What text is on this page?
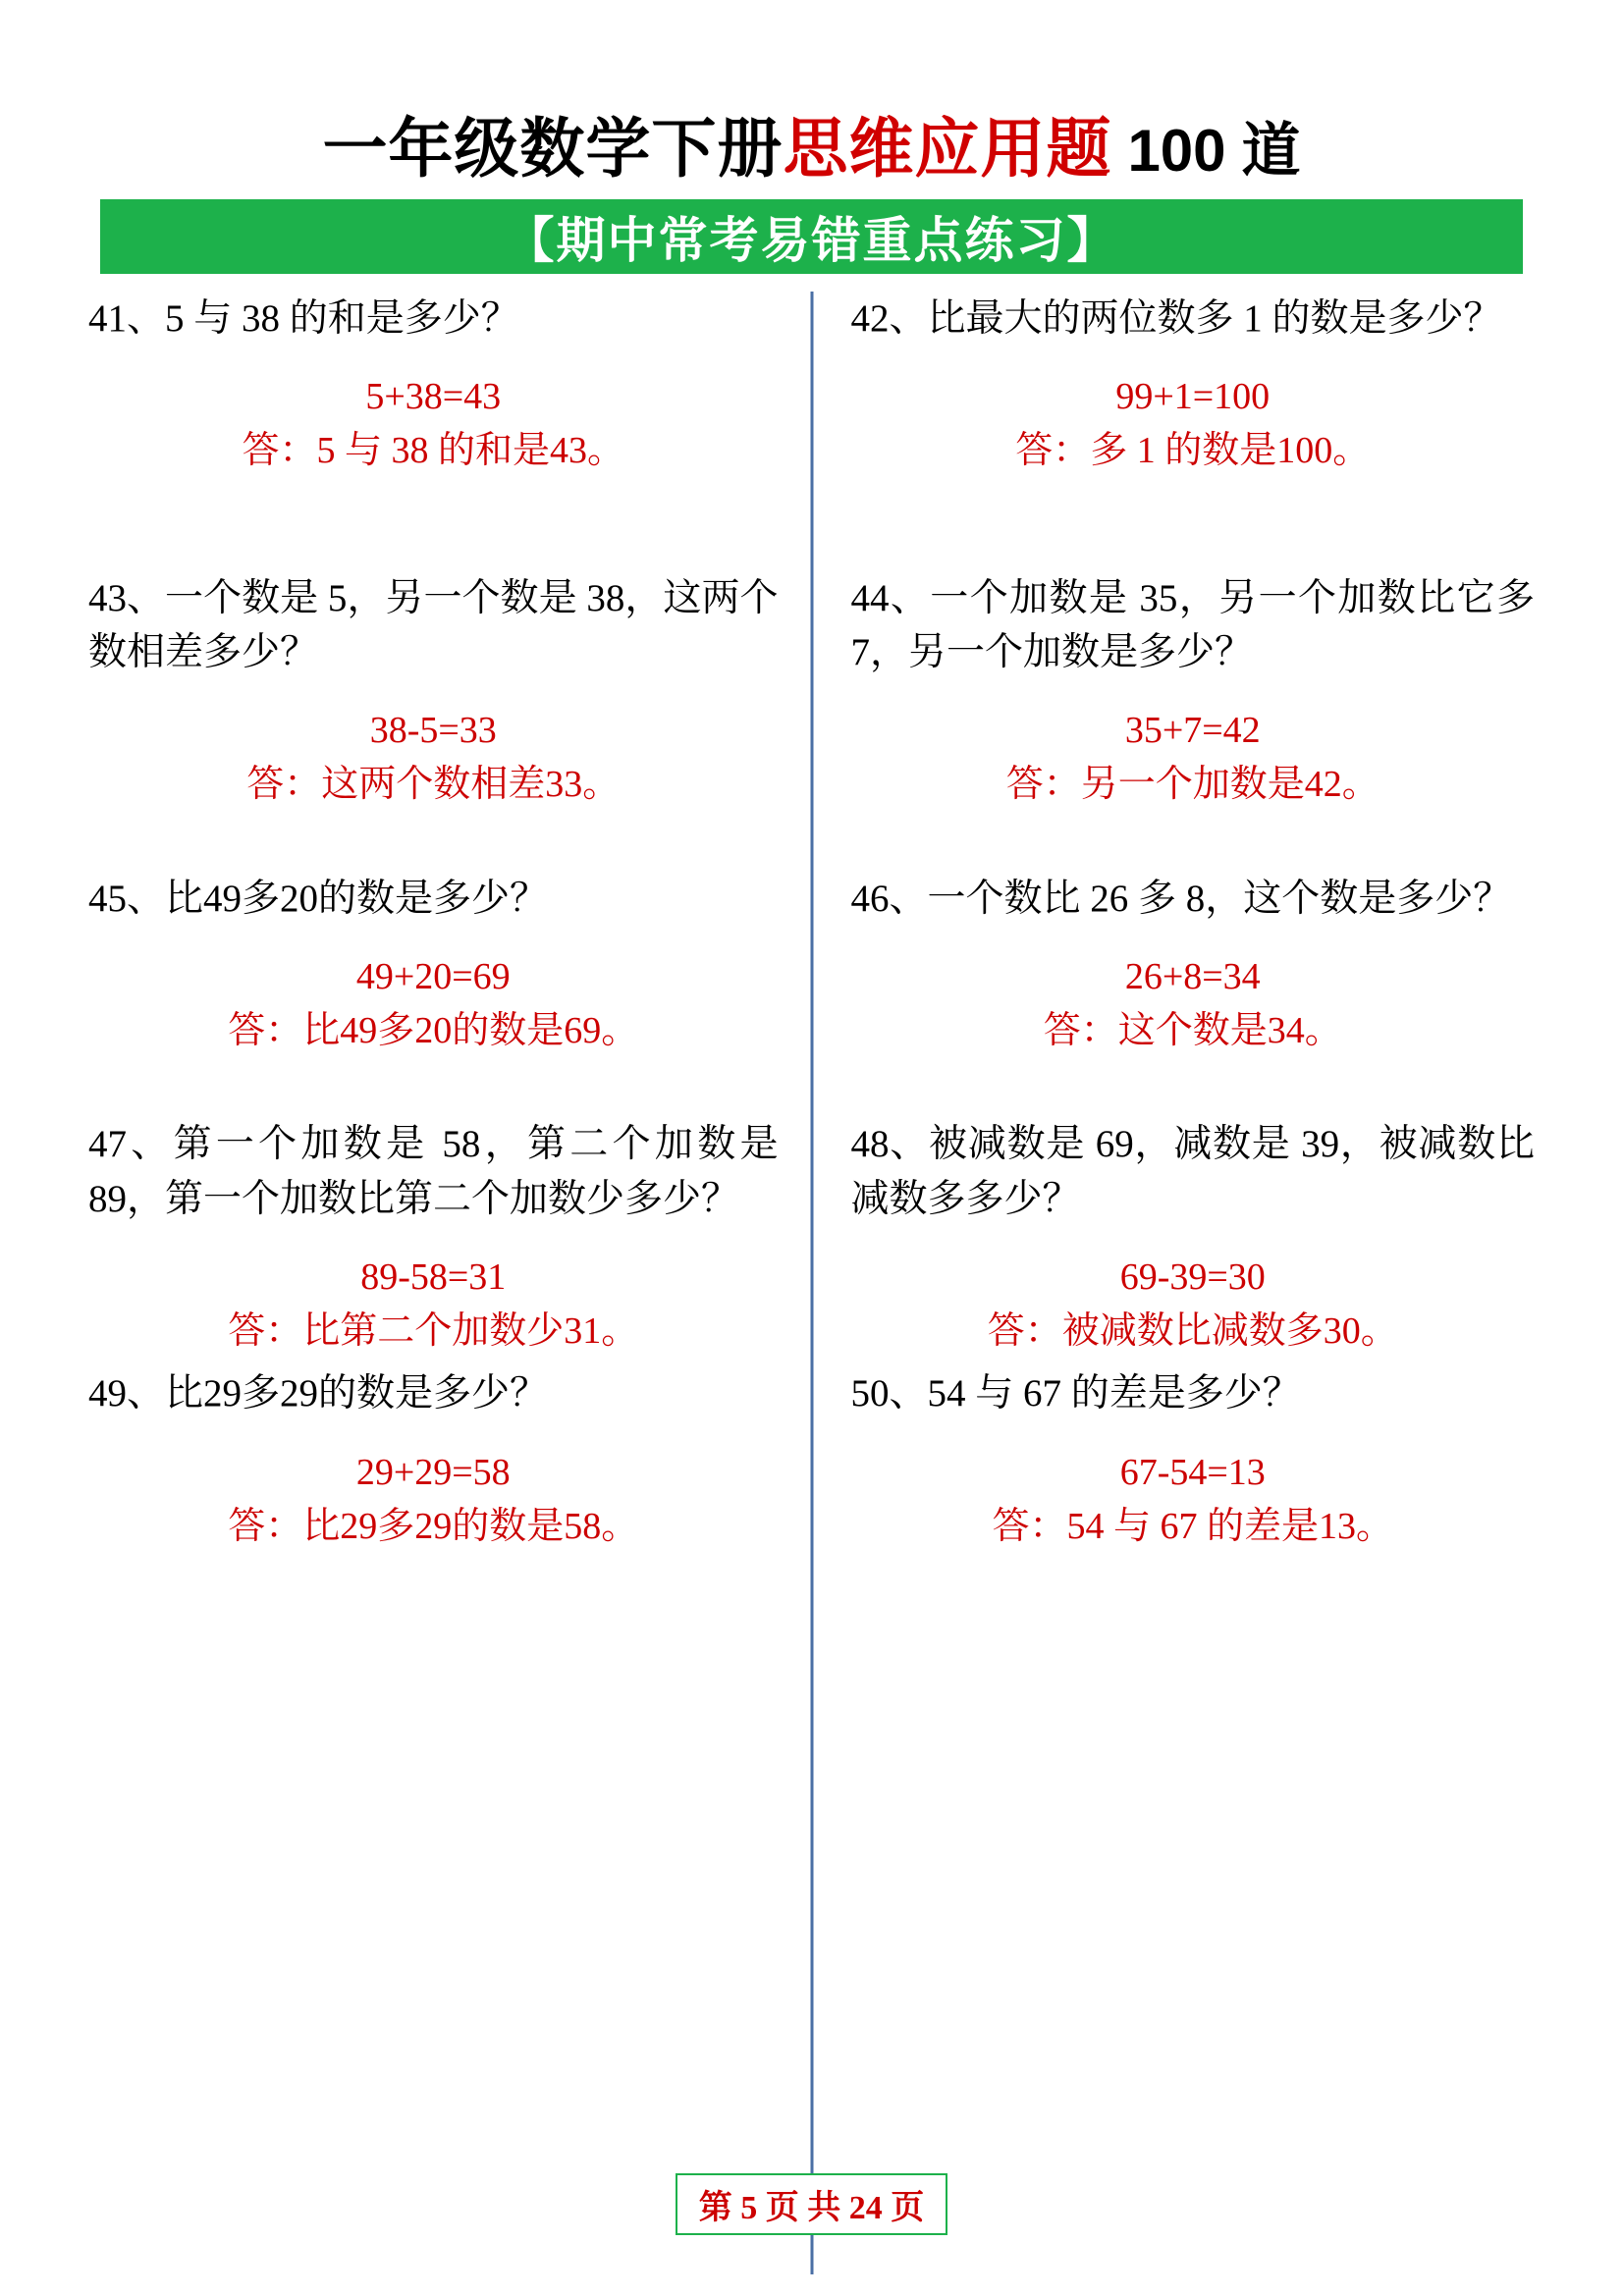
一年级数学下册 思维应用题 100 道
【期中常考易错重点练习】
41、5 与 38 的和是多少？
5+38=43
答：5 与 38 的和是43。
43、一个数是 5，另一个数是 38，这两个数相差多少？
38-5=33
答：这两个数相差33。
45、比49多20的数是多少？
49+20=69
答：比49多20的数是69。
47、第一个加数是 58，第二个加数是 89，第一个加数比第二个加数少多少？
89-58=31
答：比第二个加数少31。
49、比29多29的数是多少？
29+29=58
答：比29多29的数是58。
42、比最大的两位数多 1 的数是多少？
99+1=100
答：多 1 的数是100。
44、一个加数是 35，另一个加数比它多 7，另一个加数是多少？
35+7=42
答：另一个加数是42。
46、一个数比 26 多 8，这个数是多少？
26+8=34
答：这个数是34。
48、被减数是 69，减数是 39，被减数比减数多多少？
69-39=30
答：被减数比减数多30。
50、54 与 67 的差是多少？
67-54=13
答：54 与 67 的差是13。
第 5 页 共 24 页
